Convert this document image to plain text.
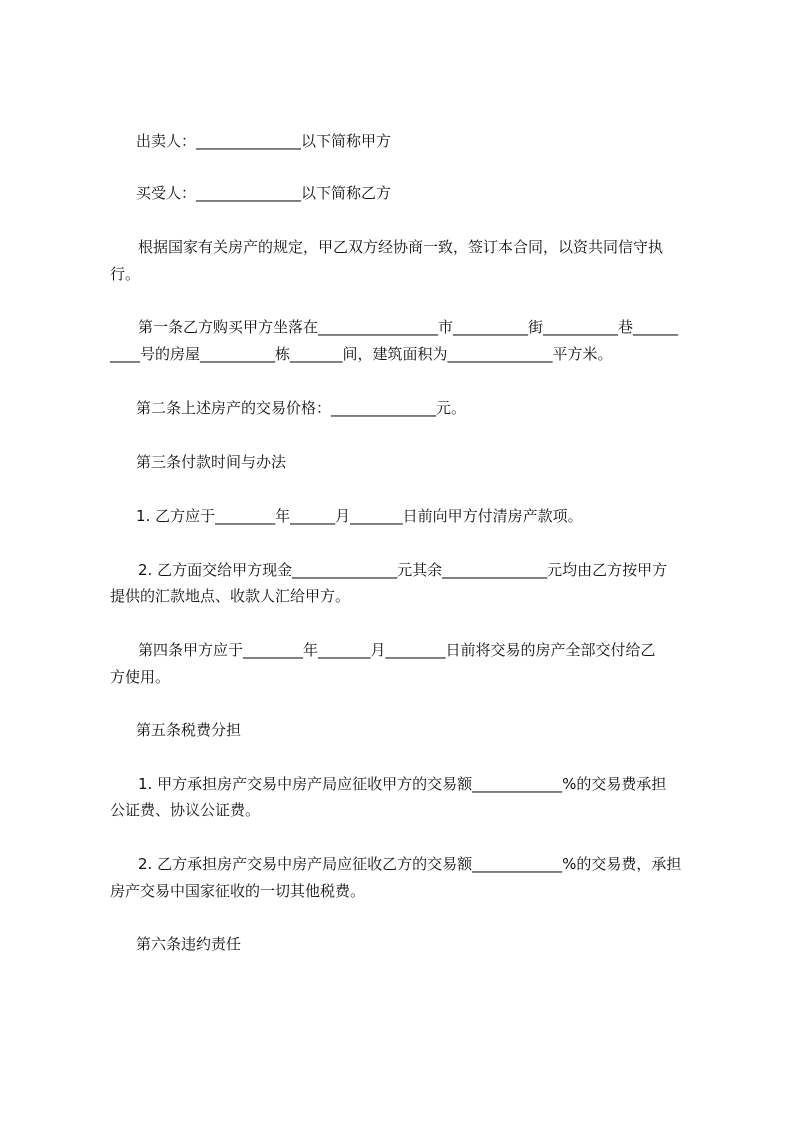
出卖人：______________以下简称甲方
买受人：______________以下简称乙方
根据国家有关房产的规定，甲乙双方经协商一致，签订本合同，以资共同信守执
行。
第一条乙方购买甲方坐落在________________市__________街__________巷______
____号的房屋__________栋_______间，建筑面积为______________平方米。
第二条上述房产的交易价格：______________元。
第三条付款时间与办法
1. 乙方应于________年______月_______日前向甲方付清房产款项。
2. 乙方面交给甲方现金______________元其余______________元均由乙方按甲方
提供的汇款地点、收款人汇给甲方。
第四条甲方应于________年_______月________日前将交易的房产全部交付给乙
方使用。
第五条税费分担
1. 甲方承担房产交易中房产局应征收甲方的交易额____________%的交易费承担
公证费、协议公证费。
2. 乙方承担房产交易中房产局应征收乙方的交易额____________%的交易费，承担
房产交易中国家征收的一切其他税费。
第六条违约责任
